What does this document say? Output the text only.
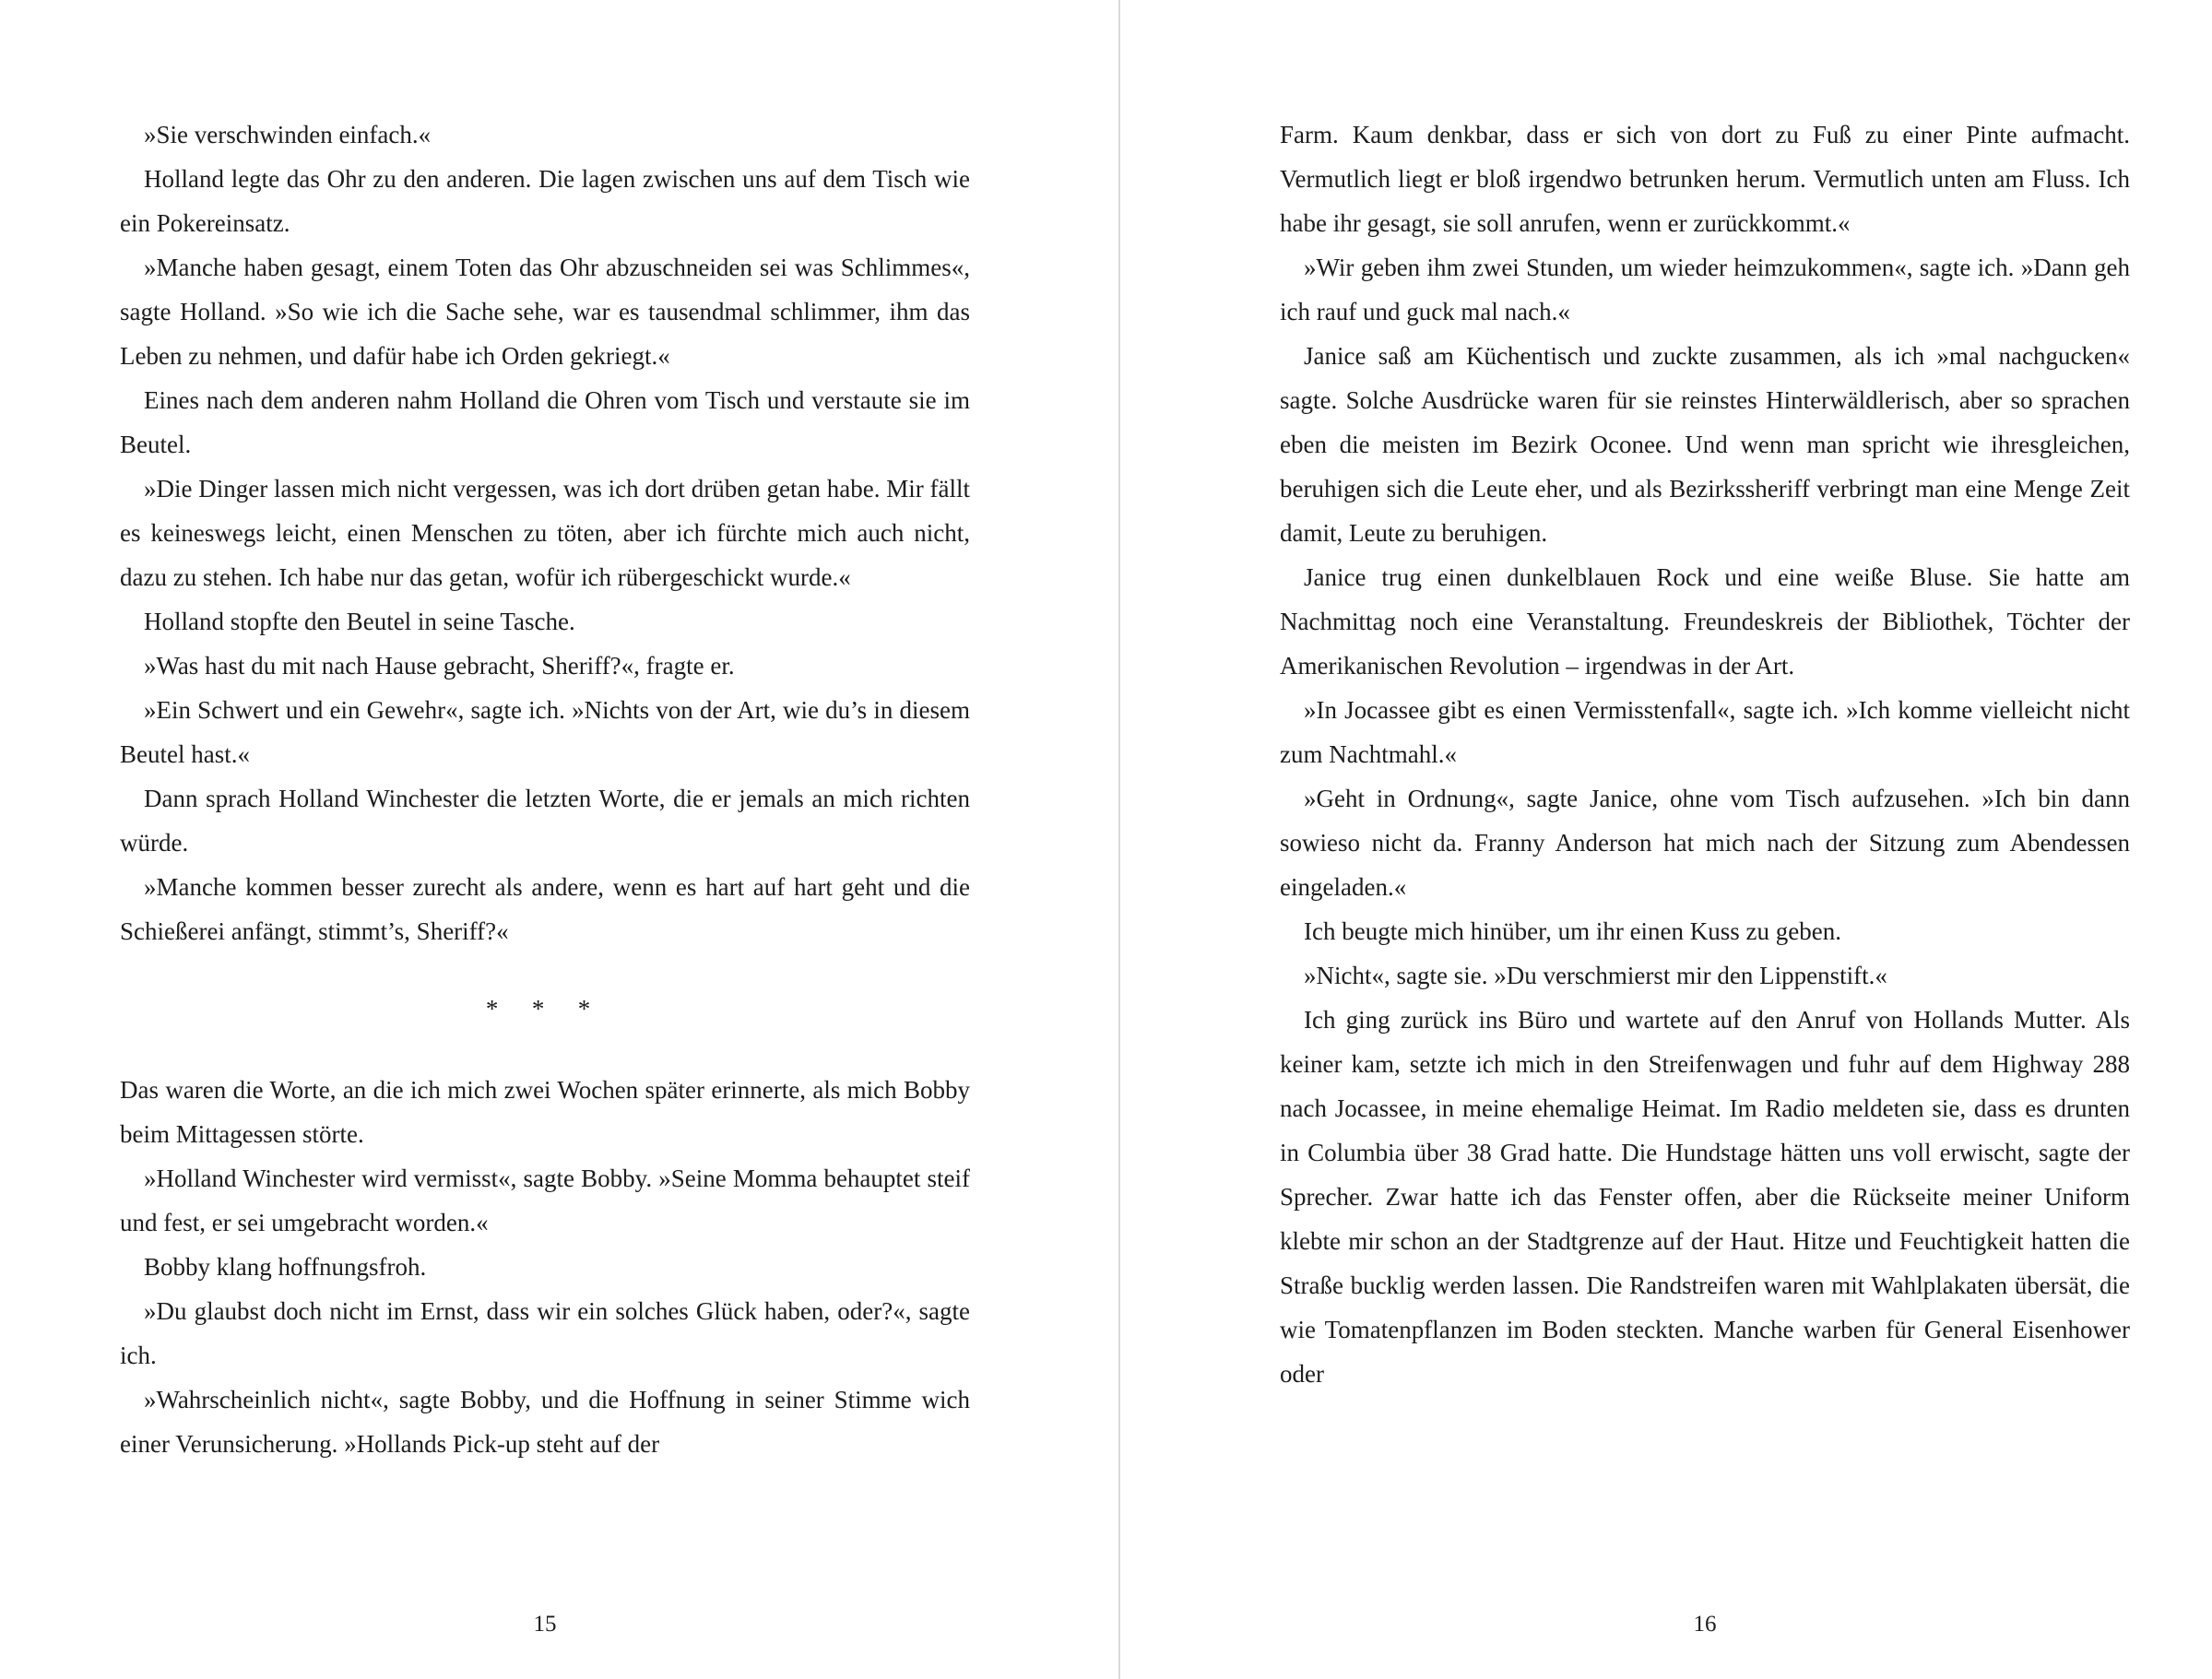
»Sie verschwinden einfach.«

Holland legte das Ohr zu den anderen. Die lagen zwischen uns auf dem Tisch wie ein Pokereinsatz.

»Manche haben gesagt, einem Toten das Ohr abzuschneiden sei was Schlimmes«, sagte Holland. »So wie ich die Sache sehe, war es tausendmal schlimmer, ihm das Leben zu nehmen, und dafür habe ich Orden gekriegt.«

Eines nach dem anderen nahm Holland die Ohren vom Tisch und verstaute sie im Beutel.

»Die Dinger lassen mich nicht vergessen, was ich dort drüben getan habe. Mir fällt es keineswegs leicht, einen Menschen zu töten, aber ich fürchte mich auch nicht, dazu zu stehen. Ich habe nur das getan, wofür ich rübergeschickt wurde.«

Holland stopfte den Beutel in seine Tasche.

»Was hast du mit nach Hause gebracht, Sheriff?«, fragte er.

»Ein Schwert und ein Gewehr«, sagte ich. »Nichts von der Art, wie du’s in diesem Beutel hast.«

Dann sprach Holland Winchester die letzten Worte, die er jemals an mich richten würde.

»Manche kommen besser zurecht als andere, wenn es hart auf hart geht und die Schießerei anfängt, stimmt’s, Sheriff?«

* * *

Das waren die Worte, an die ich mich zwei Wochen später erinnerte, als mich Bobby beim Mittagessen störte.

»Holland Winchester wird vermisst«, sagte Bobby. »Seine Momma behauptet steif und fest, er sei umgebracht worden.«

Bobby klang hoffnungsfroh.

»Du glaubst doch nicht im Ernst, dass wir ein solches Glück haben, oder?«, sagte ich.

»Wahrscheinlich nicht«, sagte Bobby, und die Hoffnung in seiner Stimme wich einer Verunsicherung. »Hollands Pick-up steht auf der

15

Farm. Kaum denkbar, dass er sich von dort zu Fuß zu einer Pinte aufmacht. Vermutlich liegt er bloß irgendwo betrunken herum. Vermutlich unten am Fluss. Ich habe ihr gesagt, sie soll anrufen, wenn er zurückkommt.«

»Wir geben ihm zwei Stunden, um wieder heimzukommen«, sagte ich. »Dann geh ich rauf und guck mal nach.«

Janice saß am Küchentisch und zuckte zusammen, als ich »mal nachgucken« sagte. Solche Ausdrücke waren für sie reinstes Hinterwäldlerisch, aber so sprachen eben die meisten im Bezirk Oconee. Und wenn man spricht wie ihresgleichen, beruhigen sich die Leute eher, und als Bezirkssheriff verbringt man eine Menge Zeit damit, Leute zu beruhigen.

Janice trug einen dunkelblauen Rock und eine weiße Bluse. Sie hatte am Nachmittag noch eine Veranstaltung. Freundeskreis der Bibliothek, Töchter der Amerikanischen Revolution – irgendwas in der Art.

»In Jocassee gibt es einen Vermisstenfall«, sagte ich. »Ich komme vielleicht nicht zum Nachtmahl.«

»Geht in Ordnung«, sagte Janice, ohne vom Tisch aufzusehen. »Ich bin dann sowieso nicht da. Franny Anderson hat mich nach der Sitzung zum Abendessen eingeladen.«

Ich beugte mich hinüber, um ihr einen Kuss zu geben.

»Nicht«, sagte sie. »Du verschmierst mir den Lippenstift.«

Ich ging zurück ins Büro und wartete auf den Anruf von Hollands Mutter. Als keiner kam, setzte ich mich in den Streifenwagen und fuhr auf dem Highway 288 nach Jocassee, in meine ehemalige Heimat. Im Radio meldeten sie, dass es drunten in Columbia über 38 Grad hatte. Die Hundstage hätten uns voll erwischt, sagte der Sprecher. Zwar hatte ich das Fenster offen, aber die Rückseite meiner Uniform klebte mir schon an der Stadtgrenze auf der Haut. Hitze und Feuchtigkeit hatten die Straße bucklig werden lassen. Die Randstreifen waren mit Wahlplakaten übersät, die wie Tomatenpflanzen im Boden steckten. Manche warben für General Eisenhower oder

16
